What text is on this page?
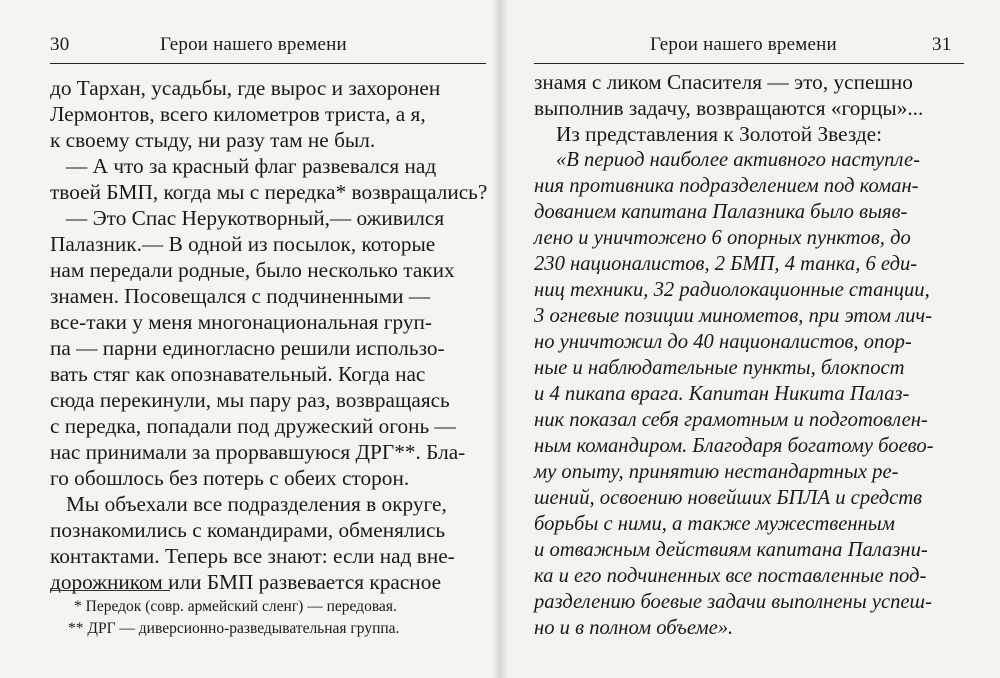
30	Герои нашего времени
до Тархан, усадьбы, где вырос и захоронен
Лермонтов, всего километров триста, а я,
к своему стыду, ни разу там не был.
— А что за красный флаг развевался над
твоей БМП, когда мы с передка* возвращались?
— Это Спас Нерукотворный,— оживился
Палазник.— В одной из посылок, которые
нам передали родные, было несколько таких
знамен. Посовещался с подчиненными —
все-таки у меня многонациональная груп-
па — парни единогласно решили использо-
вать стяг как опознавательный. Когда нас
сюда перекинули, мы пару раз, возвращаясь
с передка, попадали под дружеский огонь —
нас принимали за прорвавшуюся ДРГ**. Бла-
го обошлось без потерь с обеих сторон.
Мы объехали все подразделения в округе,
познакомились с командирами, обменялись
контактами. Теперь все знают: если над вне-
дорожником или БМП развевается красное
* Передок (совр. армейский сленг) — передовая.
** ДРГ — диверсионно-разведывательная группа.
Герои нашего времени	31
знамя с ликом Спасителя — это, успешно
выполнив задачу, возвращаются «горцы»...
Из представления к Золотой Звезде:
«В период наиболее активного наступле-
ния противника подразделением под коман-
дованием капитана Палазника было выяв-
лено и уничтожено 6 опорных пунктов, до
230 националистов, 2 БМП, 4 танка, 6 еди-
ниц техники, 32 радиолокационные станции,
3 огневые позиции минометов, при этом лич-
но уничтожил до 40 националистов, опор-
ные и наблюдательные пункты, блокпост
и 4 пикапа врага. Капитан Никита Палаз-
ник показал себя грамотным и подготовлен-
ным командиром. Благодаря богатому боево-
му опыту, принятию нестандартных ре-
шений, освоению новейших БПЛА и средств
борьбы с ними, а также мужественным
и отважным действиям капитана Палазни-
ка и его подчиненных все поставленные под-
разделению боевые задачи выполнены успеш-
но и в полном объеме».
